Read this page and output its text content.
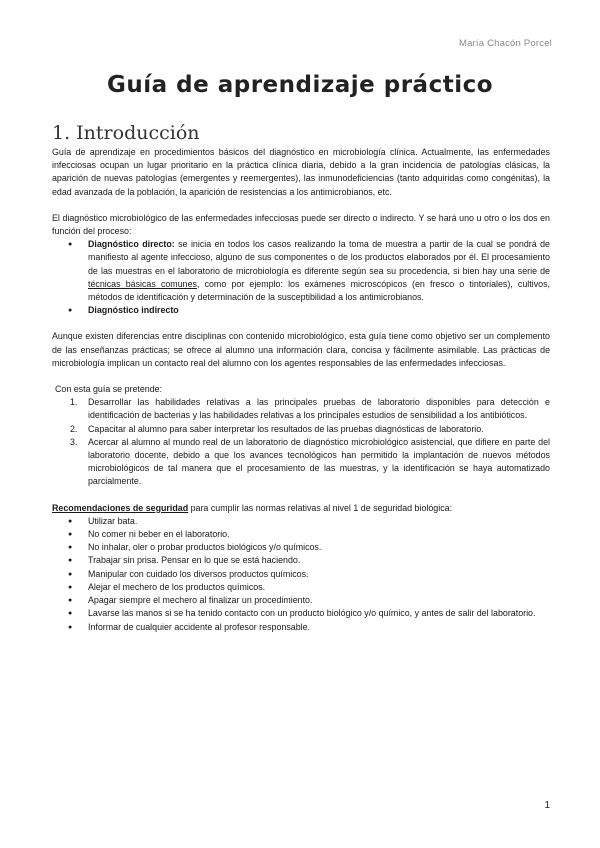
María Chacón Porcel
Guía de aprendizaje práctico
1. Introducción

Guía de aprendizaje en procedimientos básicos del diagnóstico en microbiología clínica. Actualmente, las enfermedades infecciosas ocupan un lugar prioritario en la práctica clínica diaria, debido a la gran incidencia de patologías clásicas, la aparición de nuevas patologías (emergentes y reemergentes), las inmunodeficiencias (tanto adquiridas como congénitas), la edad avanzada de la población, la aparición de resistencias a los antimicrobianos, etc.

El diagnóstico microbiológico de las enfermedades infecciosas puede ser directo o indirecto. Y se hará uno u otro o los dos en función del proceso:

● Diagnóstico directo: se inicia en todos los casos realizando la toma de muestra a partir de la cual se pondrá de manifiesto al agente infeccioso, alguno de sus componentes o de los productos elaborados por él. El procesamiento de las muestras en el laboratorio de microbiología es diferente según sea su procedencia, si bien hay una serie de técnicas básicas comunes, como por ejemplo: los exámenes microscópicos (en fresco o tintoriales), cultivos, métodos de identificación y determinación de la susceptibilidad a los antimicrobianos.
● Diagnóstico indirecto

Aunque existen diferencias entre disciplinas con contenido microbiológico, esta guía tiene como objetivo ser un complemento de las enseñanzas prácticas; se ofrece al alumno una información clara, concisa y fácilmente asimilable. Las prácticas de microbiología implican un contacto real del alumno con los agentes responsables de las enfermedades infecciosas.

Con esta guía se pretende:

1. Desarrollar las habilidades relativas a las principales pruebas de laboratorio disponibles para detección e identificación de bacterias y las habilidades relativas a los principales estudios de sensibilidad a los antibióticos.
2. Capacitar al alumno para saber interpretar los resultados de las pruebas diagnósticas de laboratorio.
3. Acercar al alumno al mundo real de un laboratorio de diagnóstico microbiológico asistencial, que difiere en parte del laboratorio docente, debido a que los avances tecnológicos han permitido la implantación de nuevos métodos microbiológicos de tal manera que el procesamiento de las muestras, y la identificación se haya automatizado parcialmente.

Recomendaciones de seguridad para cumplir las normas relativas al nivel 1 de seguridad biológica:

● Utilizar bata.
● No comer ni beber en el laboratorio.
● No inhalar, oler o probar productos biológicos y/o químicos.
● Trabajar sin prisa. Pensar en lo que se está haciendo.
● Manipular con cuidado los diversos productos químicos.
● Alejar el mechero de los productos químicos.
● Apagar siempre el mechero al finalizar un procedimiento.
● Lavarse las manos si se ha tenido contacto con un producto biológico y/o químico, y antes de salir del laboratorio.
● Informar de cualquier accidente al profesor responsable.
1
